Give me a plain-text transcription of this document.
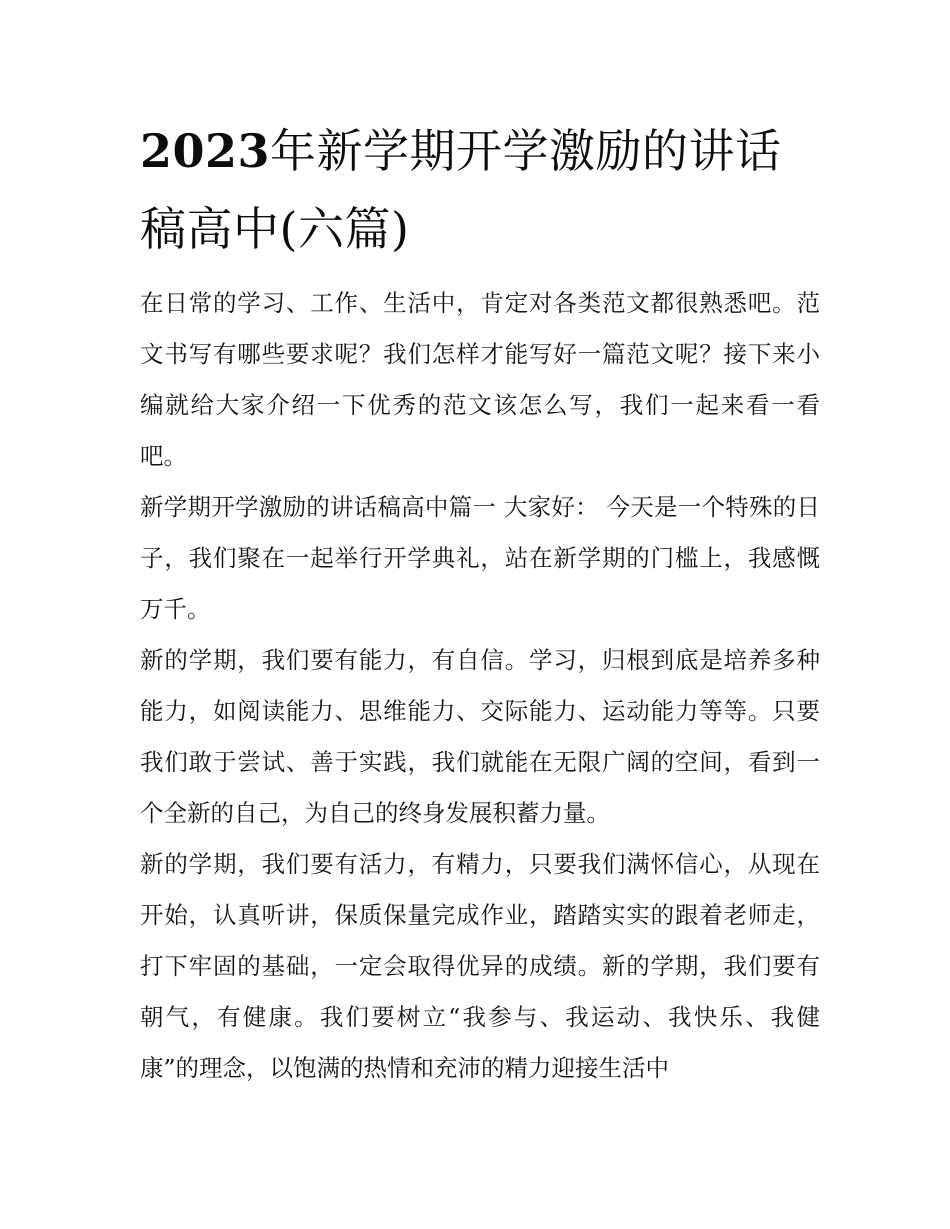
2023年新学期开学激励的讲话稿高中(六篇)

在日常的学习、工作、生活中，肯定对各类范文都很熟悉吧。范文书写有哪些要求呢？我们怎样才能写好一篇范文呢？接下来小编就给大家介绍一下优秀的范文该怎么写，我们一起来看一看吧。

新学期开学激励的讲话稿高中篇一 大家好： 今天是一个特殊的日子，我们聚在一起举行开学典礼，站在新学期的门槛上，我感慨万千。

新的学期，我们要有能力，有自信。学习，归根到底是培养多种能力，如阅读能力、思维能力、交际能力、运动能力等等。只要我们敢于尝试、善于实践，我们就能在无限广阔的空间，看到一个全新的自己，为自己的终身发展积蓄力量。

新的学期，我们要有活力，有精力，只要我们满怀信心，从现在开始，认真听讲，保质保量完成作业，踏踏实实的跟着老师走，打下牢固的基础，一定会取得优异的成绩。新的学期，我们要有朝气，有健康。我们要树立“我参与、我运动、我快乐、我健康”的理念，以饱满的热情和充沛的精力迎接生活中
